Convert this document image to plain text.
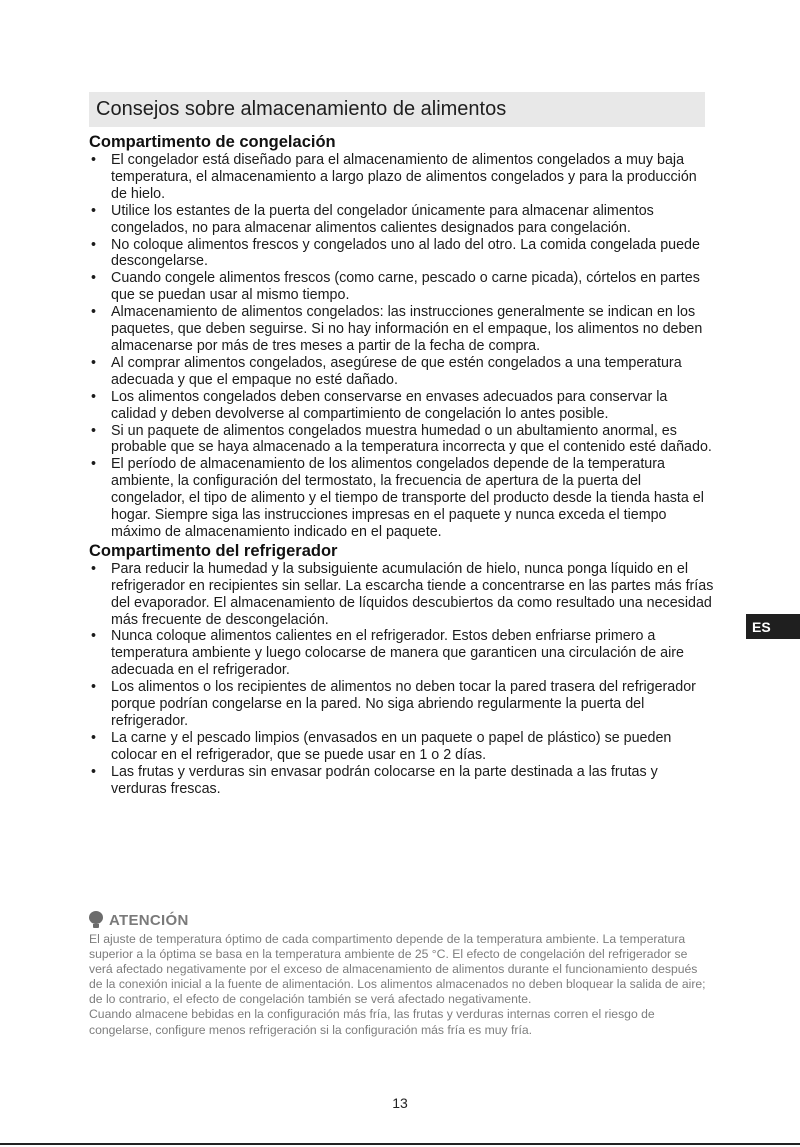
Consejos sobre almacenamiento de alimentos
Compartimento de congelación
•	El congelador está diseñado para el almacenamiento de alimentos congelados a muy baja temperatura, el almacenamiento a largo plazo de alimentos congelados y para la producción de hielo.
•	Utilice los estantes de la puerta del congelador únicamente para almacenar alimentos congelados, no para almacenar alimentos calientes designados para congelación.
•	No coloque alimentos frescos y congelados uno al lado del otro. La comida congelada puede descongelarse.
•	Cuando congele alimentos frescos (como carne, pescado o carne picada), córtelos en partes que se puedan usar al mismo tiempo.
•	Almacenamiento de alimentos congelados: las instrucciones generalmente se indican en los paquetes, que deben seguirse. Si no hay información en el empaque, los alimentos no deben almacenarse por más de tres meses a partir de la fecha de compra.
•	Al comprar alimentos congelados, asegúrese de que estén congelados a una temperatura adecuada y que el empaque no esté dañado.
•	Los alimentos congelados deben conservarse en envases adecuados para conservar la calidad y deben devolverse al compartimiento de congelación lo antes posible.
•	Si un paquete de alimentos congelados muestra humedad o un abultamiento anormal, es probable que se haya almacenado a la temperatura incorrecta y que el contenido esté dañado.
•	El período de almacenamiento de los alimentos congelados depende de la temperatura ambiente, la configuración del termostato, la frecuencia de apertura de la puerta del congelador, el tipo de alimento y el tiempo de transporte del producto desde la tienda hasta el hogar. Siempre siga las instrucciones impresas en el paquete y nunca exceda el tiempo máximo de almacenamiento indicado en el paquete.
Compartimento del refrigerador
•	Para reducir la humedad y la subsiguiente acumulación de hielo, nunca ponga líquido en el refrigerador en recipientes sin sellar. La escarcha tiende a concentrarse en las partes más frías del evaporador. El almacenamiento de líquidos descubiertos da como resultado una necesidad más frecuente de descongelación.
•	Nunca coloque alimentos calientes en el refrigerador. Estos deben enfriarse primero a temperatura ambiente y luego colocarse de manera que garanticen una circulación de aire adecuada en el refrigerador.
•	Los alimentos o los recipientes de alimentos no deben tocar la pared trasera del refrigerador porque podrían congelarse en la pared. No siga abriendo regularmente la puerta del refrigerador.
•	La carne y el pescado limpios (envasados en un paquete o papel de plástico) se pueden colocar en el refrigerador, que se puede usar en 1 o 2 días.
•	Las frutas y verduras sin envasar podrán colocarse en la parte destinada a las frutas y verduras frescas.
ATENCIÓN

El ajuste de temperatura óptimo de cada compartimento depende de la temperatura ambiente. La temperatura superior a la óptima se basa en la temperatura ambiente de 25 °C. El efecto de congelación del refrigerador se verá afectado negativamente por el exceso de almacenamiento de alimentos durante el funcionamiento después de la conexión inicial a la fuente de alimentación. Los alimentos almacenados no deben bloquear la salida de aire; de lo contrario, el efecto de congelación también se verá afectado negativamente.

Cuando almacene bebidas en la configuración más fría, las frutas y verduras internas corren el riesgo de congelarse, configure menos refrigeración si la configuración más fría es muy fría.

ES
13
